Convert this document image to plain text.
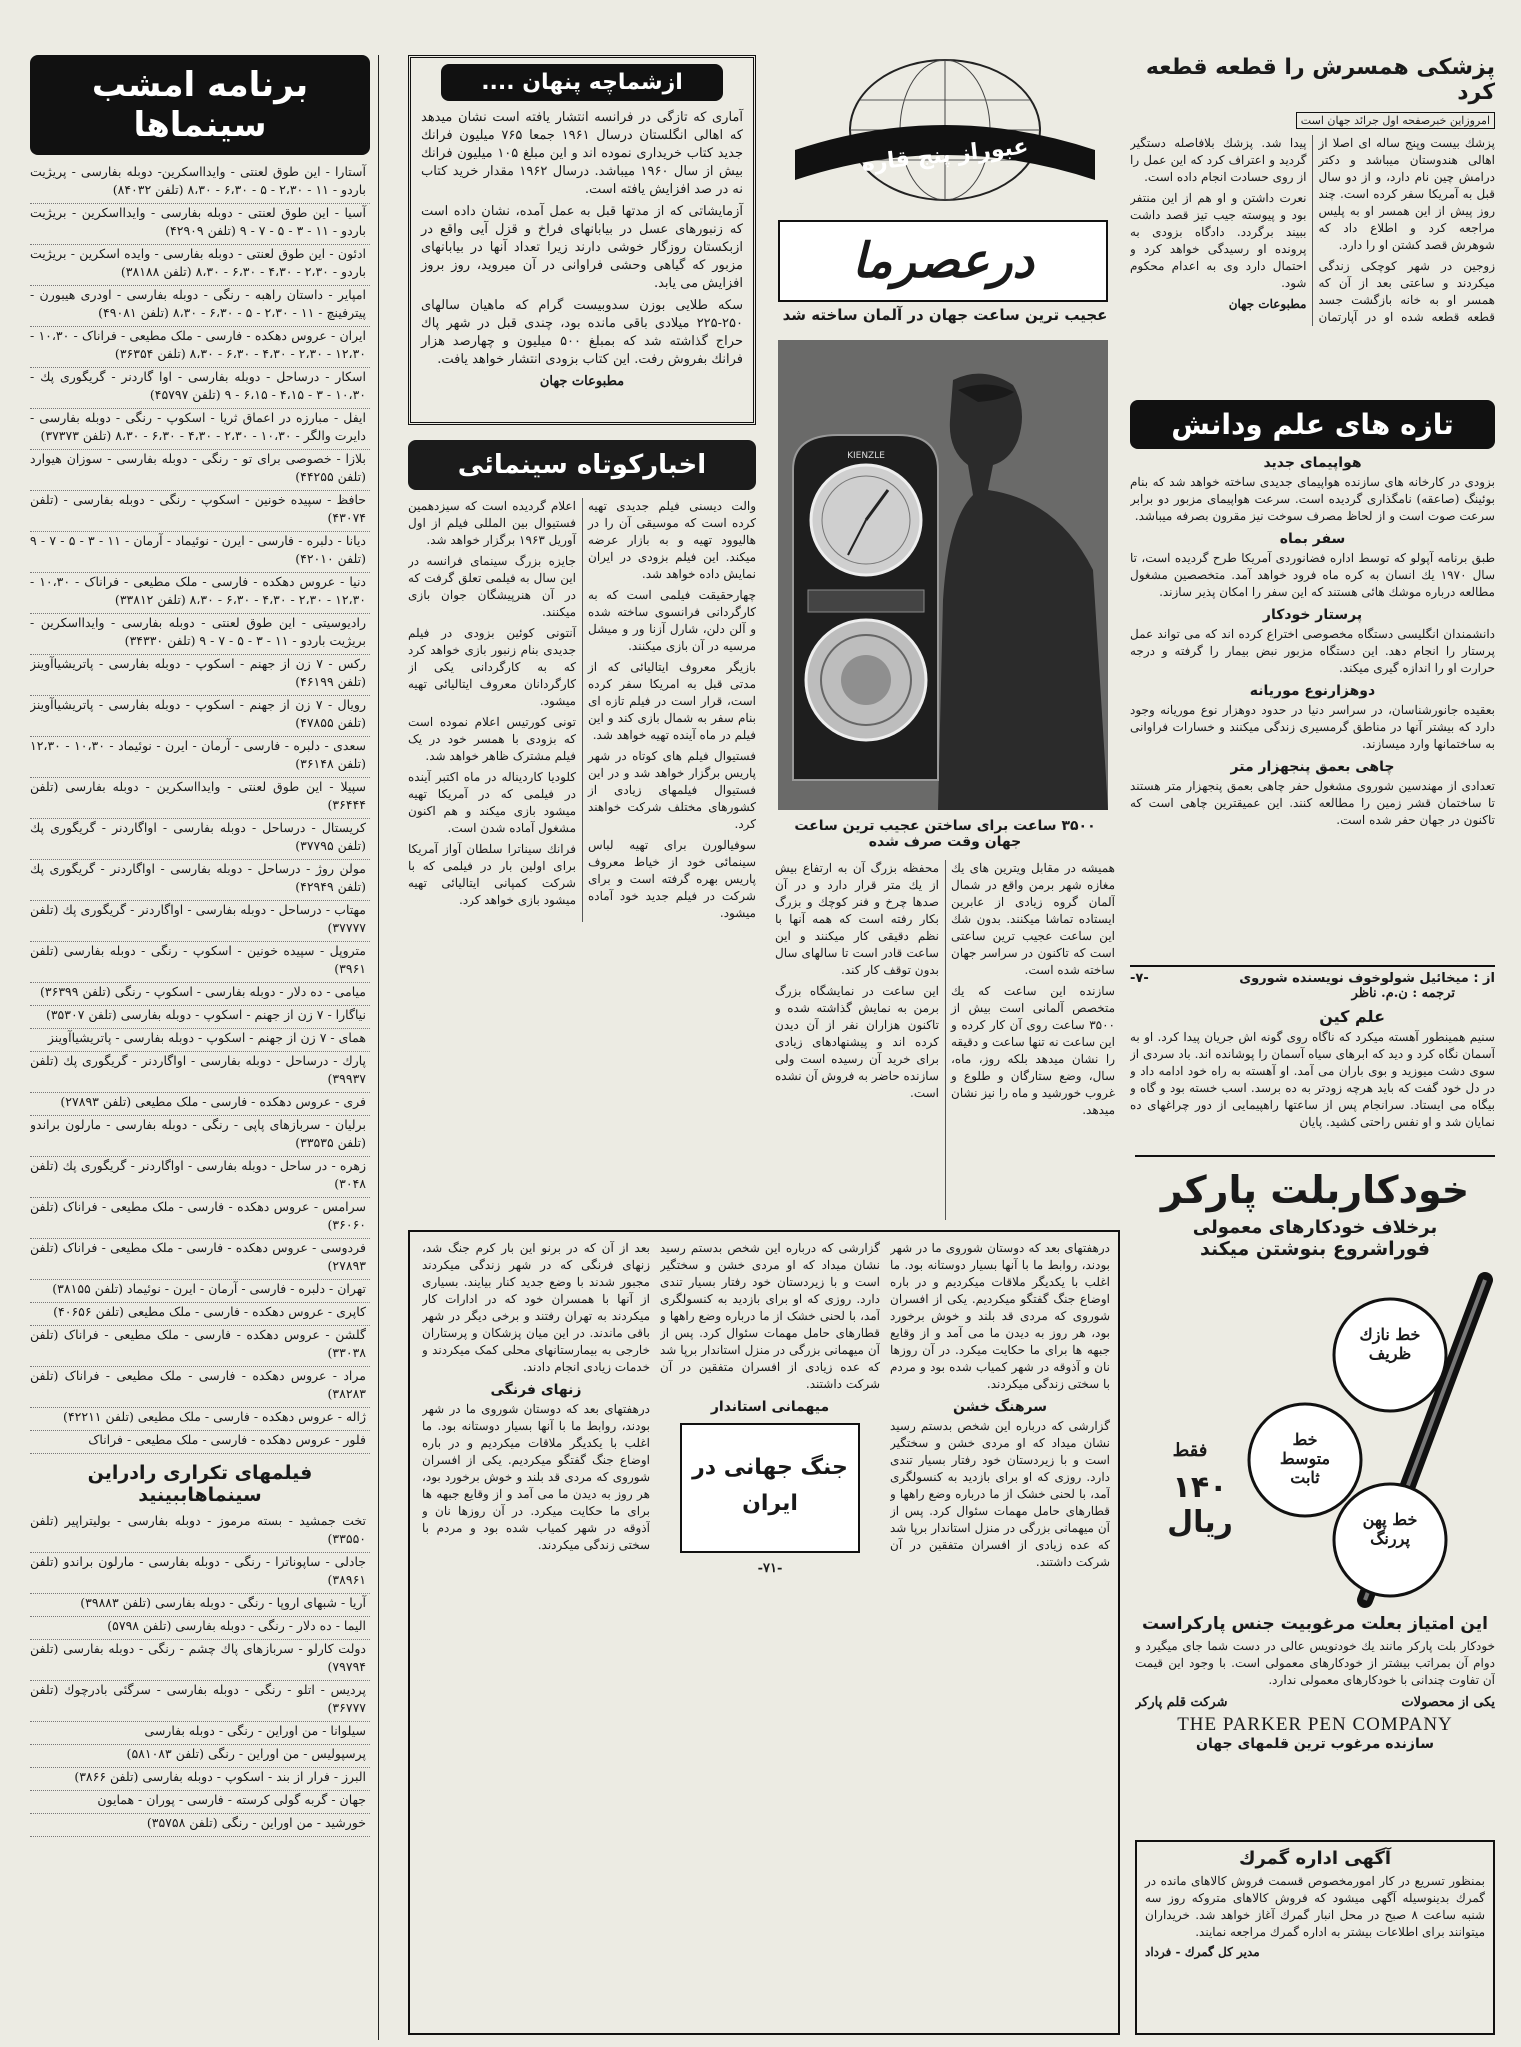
برنامه امشب سینماها

آستارا - این طوق لعنتی - وایدااسکرین- دوبله بفارسی - پریژیت باردو - ۱۱ - ۲،۳۰ - ۵ - ۶،۳۰ - ۸،۳۰ (تلفن ۸۴۰۳۲)

آسیا - این طوق لعنتی - دوبله بفارسی - وایدااسکرین - بریژیت باردو - ۱۱ - ۳ - ۵ - ۷ - ۹ (تلفن ۴۲۹۰۹)

ادئون - این طوق لعنتی - دوبله بفارسی - وایده اسکرین - بریژیت باردو - ۲،۳۰ - ۴،۳۰ - ۶،۳۰ - ۸،۳۰ (تلفن ۳۸۱۸۸)

امپایر - داستان راهبه - رنگی - دوبله بفارسی - اودری هیبورن - پیترفینچ - ۱۱ - ۲،۳۰ - ۵ - ۶،۳۰ - ۸،۳۰ (تلفن ۴۹۰۸۱)

ایران - عروس دهکده - فارسی - ملک مطیعی - فراناک - ۱۰،۳۰ - ۱۲،۳۰ - ۲،۳۰ - ۴،۳۰ - ۶،۳۰ - ۸،۳۰ (تلفن ۳۶۳۵۴)

اسکار - درساحل - دوبله بفارسی - اوا گاردنر - گریگوری پك - ۱۰،۳۰ - ۳ - ۴،۱۵ - ۶،۱۵ - ۹ (تلفن ۴۵۷۹۷)

ایفل - مبارزه در اعماق ثریا - اسکوپ - رنگی - دوبله بفارسی - دایرت والگر - ۱۰،۳۰ - ۲،۳۰ - ۴،۳۰ - ۶،۳۰ - ۸،۳۰ (تلفن ۳۷۳۷۳)

بلازا - خصوصی برای تو - رنگی - دوبله بفارسی - سوزان هیوارد (تلفن ۴۴۲۵۵)

حافظ - سپیده خونین - اسکوپ - رنگی - دوبله بفارسی - (تلفن ۴۳۰۷۴)

دیانا - دلبره - فارسی - ایرن - نوئیماد - آرمان - ۱۱ - ۳ - ۵ - ۷ - ۹ (تلفن ۴۲۰۱۰)

دنیا - عروس دهکده - فارسی - ملک مطیعی - فراناک - ۱۰،۳۰ - ۱۲،۳۰ - ۲،۳۰ - ۴،۳۰ - ۶،۳۰ - ۸،۳۰ (تلفن ۳۳۸۱۲)

رادیوسیتی - این طوق لعنتی - دوبله بفارسی - وایدااسکرین - بریژیت باردو - ۱۱ - ۳ - ۵ - ۷ - ۹ (تلفن ۳۴۳۳۰)

رکس - ۷ زن از جهنم - اسکوپ - دوبله بفارسی - پاتریشیاآوینز (تلفن ۴۶۱۹۹)

رویال - ۷ زن از جهنم - اسکوپ - دوبله بفارسی - پاتریشیاآوینز (تلفن ۴۷۸۵۵)

سعدی - دلبره - فارسی - آرمان - ایرن - نوئیماد - ۱۰،۳۰ - ۱۲،۳۰ (تلفن ۳۶۱۴۸)

سپیلا - این طوق لعنتی - وایدااسکرین - دوبله بفارسی (تلفن ۳۶۴۴۴)

کریستال - درساحل - دوبله بفارسی - اواگاردنر - گریگوری پك (تلفن ۳۷۷۹۵)

مولن روژ - درساحل - دوبله بفارسی - اواگاردنر - گریگوری پك (تلفن ۴۲۹۴۹)

مهتاب - درساحل - دوبله بفارسی - اواگاردنر - گریگوری پك (تلفن ۳۷۷۷۷)

متروپل - سپیده خونین - اسکوپ - رنگی - دوبله بفارسی (تلفن ۳۹۶۱)

میامی - ده دلار - دوبله بفارسی - اسکوپ - رنگی (تلفن ۳۶۳۹۹)

نیاگارا - ۷ زن از جهنم - اسکوپ - دوبله بفارسی (تلفن ۳۵۳۰۷)

همای - ۷ زن از جهنم - اسکوپ - دوبله بفارسی - پاتریشیاآوینز

پارك - درساحل - دوبله بفارسی - اواگاردنر - گریگوری پك (تلفن ۳۹۹۳۷)

فری - عروس دهکده - فارسی - ملک مطیعی (تلفن ۲۷۸۹۳)

برلیان - سربازهای پاپی - رنگی - دوبله بفارسی - مارلون براندو (تلفن ۳۳۵۳۵)

زهره - در ساحل - دوبله بفارسی - اواگاردنر - گریگوری پك (تلفن ۳۰۴۸)

سرامس - عروس دهکده - فارسی - ملک مطیعی - فراناک (تلفن ۳۶۰۶۰)

فردوسی - عروس دهکده - فارسی - ملک مطیعی - فراناک (تلفن ۲۷۸۹۳)

تهران - دلبره - فارسی - آرمان - ایرن - نوئیماد (تلفن ۳۸۱۵۵)

کاپری - عروس دهکده - فارسی - ملک مطیعی (تلفن ۴۰۶۵۶)

گلشن - عروس دهکده - فارسی - ملک مطیعی - فراناک (تلفن ۳۳۰۳۸)

مراد - عروس دهکده - فارسی - ملک مطیعی - فراناک (تلفن ۳۸۲۸۳)

ژاله - عروس دهکده - فارسی - ملک مطیعی (تلفن ۴۲۲۱۱)

فلور - عروس دهکده - فارسی - ملک مطیعی - فراناک

فیلمهای تکراری رادراین سینماهاببینید

تخت جمشید - بسته مرموز - دوبله بفارسی - بولیتراپیر (تلفن ۳۳۵۵۰)

جادلی - ساپوناترا - رنگی - دوبله بفارسی - مارلون براندو (تلفن ۳۸۹۶۱)

آریا - شبهای اروپا - رنگی - دوبله بفارسی (تلفن ۳۹۸۸۳)

الیما - ده دلار - رنگی - دوبله بفارسی (تلفن ۵۷۹۸)

دولت کارلو - سربازهای پاك چشم - رنگی - دوبله بفارسی (تلفن ۷۹۷۹۴)

پردیس - اتلو - رنگی - دوبله بفارسی - سرگئی بادرچوك (تلفن ۳۶۷۷۷)

سیلوانا - من اوراین - رنگی - دوبله بفارسی

پرسپولیس - من اوراین - رنگی (تلفن ۵۸۱۰۸۳)

البرز - فرار از بند - اسکوپ - دوبله بفارسی (تلفن ۳۸۶۶)

جهان - گربه گولی کرسته - فارسی - پوران - همایون

خورشید - من اوراین - رنگی (تلفن ۳۵۷۵۸)

ازشماچه پنهان ....

آماری که تازگی در فرانسه انتشار یافته است نشان میدهد که اهالی انگلستان درسال ۱۹۶۱ جمعا ۷۶۵ میلیون فرانك جدید کتاب خریداری نموده اند و این مبلغ ۱۰۵ میلیون فرانك بیش از سال ۱۹۶۰ میباشد. درسال ۱۹۶۲ مقدار خرید کتاب نه در صد افزایش یافته است.

آزمایشاتی که از مدتها قبل به عمل آمده، نشان داده است که زنبورهای عسل در بیابانهای فراخ و قزل آیی واقع در ازبکستان روزگار خوشی دارند زیرا تعداد آنها در بیابانهای مزبور که گیاهی وحشی فراوانی در آن میروید، روز بروز افزایش می یابد.

سکه طلایی بوزن سدوبیست گرام که ماهیان سالهای ۲۵۰-۲۲۵ میلادی باقی مانده بود، چندی قبل در شهر پاك حراج گذاشته شد که بمبلغ ۵۰۰ میلیون و چهارصد هزار فرانك بفروش رفت. این کتاب بزودی انتشار خواهد یافت.

مطبوعات جهان

اخبارکوتاه سینمائی

والت دیسنی فیلم جدیدی تهیه کرده است که موسیقی آن را در هالیوود تهیه و به بازار عرضه میکند. این فیلم بزودی در ایران نمایش داده خواهد شد.

چهارحقیقت فیلمی است که به کارگردانی فرانسوی ساخته شده و آلن دلن، شارل آزنا ور و میشل مرسیه در آن بازی میکنند.

بازیگر معروف ایتالیائی که از مدتی قبل به امریکا سفر کرده است، قرار است در فیلم تازه ای بنام سفر به شمال بازی کند و این فیلم در ماه آینده تهیه خواهد شد.

فستیوال فیلم های کوتاه در شهر پاریس برگزار خواهد شد و در این فستیوال فیلمهای زیادی از کشورهای مختلف شرکت خواهند کرد.

سوفیالورن برای تهیه لباس سینمائی خود از خیاط معروف پاریس بهره گرفته است و برای شرکت در فیلم جدید خود آماده میشود.

اعلام گردیده است که سیزدهمین فستیوال بین المللی فیلم از اول آوریل ۱۹۶۳ برگزار خواهد شد.

جایزه بزرگ سینمای فرانسه در این سال به فیلمی تعلق گرفت که در آن هنرپیشگان جوان بازی میکنند.

آنتونی کوئین بزودی در فیلم جدیدی بنام زنبور بازی خواهد کرد که به کارگردانی یکی از کارگردانان معروف ایتالیائی تهیه میشود.

تونی کورتیس اعلام نموده است که بزودی با همسر خود در یک فیلم مشترک ظاهر خواهد شد.

کلودیا کاردیناله در ماه اکتبر آینده در فیلمی که در آمریکا تهیه میشود بازی میکند و هم اکنون مشغول آماده شدن است.

فرانك سیناترا سلطان آواز آمریکا برای اولین بار در فیلمی که با شرکت کمپانی ایتالیائی تهیه میشود بازی خواهد کرد.

عبوراز پنج قاره
درعصرما
عجیب ترین ساعت جهان در آلمان ساخته شد
KIENZLE
۳۵۰۰ ساعت برای ساختن عجیب ترین ساعت جهان وقت صرف شده

همیشه در مقابل ویترین های یك مغازه شهر برمن واقع در شمال آلمان گروه زیادی از عابرین ایستاده تماشا میکنند. بدون شك این ساعت عجیب ترین ساعتی است که تاکنون در سراسر جهان ساخته شده است.

سازنده این ساعت که یك متخصص آلمانی است بیش از ۳۵۰۰ ساعت روی آن کار کرده و این ساعت نه تنها ساعت و دقیقه را نشان میدهد بلکه روز، ماه، سال، وضع ستارگان و طلوع و غروب خورشید و ماه را نیز نشان میدهد.

محفظه بزرگ آن به ارتفاع بیش از یك متر قرار دارد و در آن صدها چرخ و فنر کوچك و بزرگ بکار رفته است که همه آنها با نظم دقیقی کار میکنند و این ساعت قادر است تا سالهای سال بدون توقف کار کند.

این ساعت در نمایشگاه بزرگ برمن به نمایش گذاشته شده و تاکنون هزاران نفر از آن دیدن کرده اند و پیشنهادهای زیادی برای خرید آن رسیده است ولی سازنده حاضر به فروش آن نشده است.

پزشکی همسرش را قطعه قطعه کرد
امروزاین خبرصفحه اول جرائد جهان است

پزشك بیست وپنج ساله ای اصلا از اهالی هندوستان میباشد و دکتر درامش چین نام دارد، و از دو سال قبل به آمریکا سفر کرده است. چند روز پیش از این همسر او به پلیس مراجعه کرد و اطلاع داد که شوهرش قصد کشتن او را دارد.

زوجین در شهر کوچکی زندگی میکردند و ساعتی بعد از آن که همسر او به خانه بازگشت جسد قطعه قطعه شده او در آپارتمان پیدا شد. پزشك بلافاصله دستگیر گردید و اعتراف کرد که این عمل را از روی حسادت انجام داده است.

نعرت داشتن و او هم از این منتفر بود و پیوسته جیب تیز قصد داشت ببیند برگردد. دادگاه بزودی به پرونده او رسیدگی خواهد کرد و احتمال دارد وی به اعدام محکوم شود.

مطبوعات جهان

تازه های علم ودانش
هواپیمای جدید

بزودی در کارخانه های سازنده هواپیمای جدیدی ساخته خواهد شد که بنام بوئینگ (صاعقه) نامگذاری گردیده است. سرعت هواپیمای مزبور دو برابر سرعت صوت است و از لحاظ مصرف سوخت نیز مقرون بصرفه میباشد.

سفر بماه

طبق برنامه آپولو که توسط اداره فضانوردی آمریکا طرح گردیده است، تا سال ۱۹۷۰ یك انسان به کره ماه فرود خواهد آمد. متخصصین مشغول مطالعه درباره موشك هائی هستند که این سفر را امکان پذیر سازند.

پرستار خودکار

دانشمندان انگلیسی دستگاه مخصوصی اختراع کرده اند که می تواند عمل پرستار را انجام دهد. این دستگاه مزبور نبض بیمار را گرفته و درجه حرارت او را اندازه گیری میکند.

دوهزارنوع موریانه

بعقیده جانورشناسان، در سراسر دنیا در حدود دوهزار نوع موریانه وجود دارد که بیشتر آنها در مناطق گرمسیری زندگی میکنند و خسارات فراوانی به ساختمانها وارد میسازند.

چاهی بعمق پنجهزار متر

تعدادی از مهندسین شوروی مشغول حفر چاهی بعمق پنجهزار متر هستند تا ساختمان قشر زمین را مطالعه کنند. این عمیقترین چاهی است که تاکنون در جهان حفر شده است.

از : میخائیل شولوخوف نویسنده شوروی
-۷-
ترجمه : ن.م. ناظر
علم کین

سنیم همینطور آهسته میکرد که ناگاه روی گونه اش جریان پیدا کرد. او به آسمان نگاه کرد و دید که ابرهای سیاه آسمان را پوشانده اند. باد سردی از سوی دشت میوزید و بوی باران می آمد. او آهسته به راه خود ادامه داد و در دل خود گفت که باید هرچه زودتر به ده برسد. اسب خسته بود و گاه و بیگاه می ایستاد. سرانجام پس از ساعتها راهپیمایی از دور چراغهای ده نمایان شد و او نفس راحتی کشید. پایان

خودکاربلت پارکر
برخلاف خودکارهای معمولی
فوراشروع بنوشتن میکند
خط نازك ظریف
خط متوسط ثابت
خط پهن پررنگ
فقط
۱۴۰ ریال
این امتیاز بعلت مرغوبیت جنس پارکراست

خودکار بلت پارکر مانند یك خودنویس عالی در دست شما جای میگیرد و دوام آن بمراتب بیشتر از خودکارهای معمولی است. با وجود این قیمت آن تفاوت چندانی با خودکارهای معمولی ندارد.

یکی از محصولات
شرکت قلم پارکر
THE PARKER PEN COMPANY
سازنده مرغوب ترین قلمهای جهان
آگهی اداره گمرك

بمنظور تسریع در کار امورمخصوص قسمت فروش کالاهای مانده در گمرك بدینوسیله آگهی میشود که فروش کالاهای متروکه روز سه شنبه ساعت ۸ صبح در محل انبار گمرك آغاز خواهد شد. خریداران میتوانند برای اطلاعات بیشتر به اداره گمرك مراجعه نمایند.

مدیر کل گمرك - فرداد

درهفتهای بعد که دوستان شوروی ما در شهر بودند، روابط ما با آنها بسیار دوستانه بود. ما اغلب با یکدیگر ملاقات میکردیم و در باره اوضاع جنگ گفتگو میکردیم. یکی از افسران شوروی که مردی قد بلند و خوش برخورد بود، هر روز به دیدن ما می آمد و از وقایع جبهه ها برای ما حکایت میکرد. در آن روزها نان و آذوقه در شهر کمیاب شده بود و مردم با سختی زندگی میکردند.

سرهنگ خشن

گزارشی که درباره این شخص بدستم رسید نشان میداد که او مردی خشن و سختگیر است و با زیردستان خود رفتار بسیار تندی دارد. روزی که او برای بازدید به کنسولگری آمد، با لحنی خشک از ما درباره وضع راهها و قطارهای حامل مهمات سئوال کرد. پس از آن میهمانی بزرگی در منزل استاندار برپا شد که عده زیادی از افسران متفقین در آن شرکت داشتند.

گزارشی که درباره این شخص بدستم رسید نشان میداد که او مردی خشن و سختگیر است و با زیردستان خود رفتار بسیار تندی دارد. روزی که او برای بازدید به کنسولگری آمد، با لحنی خشک از ما درباره وضع راهها و قطارهای حامل مهمات سئوال کرد. پس از آن میهمانی بزرگی در منزل استاندار برپا شد که عده زیادی از افسران متفقین در آن شرکت داشتند.

میهمانی استاندار
جنگ جهانی در ایران
-۷۱-

بعد از آن که در برنو این بار کرم جنگ شد، زنهای فرنگی که در شهر زندگی میکردند مجبور شدند با وضع جدید کنار بیایند. بسیاری از آنها با همسران خود که در ادارات کار میکردند به تهران رفتند و برخی دیگر در شهر باقی ماندند. در این میان پزشکان و پرستاران خارجی به بیمارستانهای محلی کمک میکردند و خدمات زیادی انجام دادند.

زنهای فرنگی

درهفتهای بعد که دوستان شوروی ما در شهر بودند، روابط ما با آنها بسیار دوستانه بود. ما اغلب با یکدیگر ملاقات میکردیم و در باره اوضاع جنگ گفتگو میکردیم. یکی از افسران شوروی که مردی قد بلند و خوش برخورد بود، هر روز به دیدن ما می آمد و از وقایع جبهه ها برای ما حکایت میکرد. در آن روزها نان و آذوقه در شهر کمیاب شده بود و مردم با سختی زندگی میکردند.
